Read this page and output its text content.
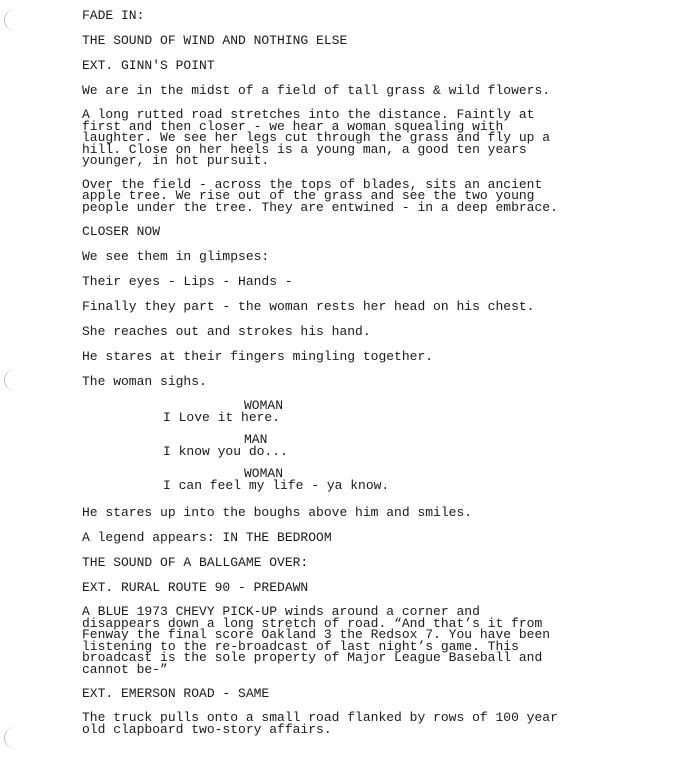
FADE IN:

THE SOUND OF WIND AND NOTHING ELSE

EXT. GINN'S POINT

We are in the midst of a field of tall grass & wild flowers.

A long rutted road stretches into the distance. Faintly at
first and then closer - we hear a woman squealing with
laughter. We see her legs cut through the grass and fly up a
hill. Close on her heels is a young man, a good ten years
younger, in hot pursuit.

Over the field - across the tops of blades, sits an ancient
apple tree. We rise out of the grass and see the two young
people under the tree. They are entwined - in a deep embrace.

CLOSER NOW

We see them in glimpses:

Their eyes - Lips - Hands -

Finally they part - the woman rests her head on his chest.

She reaches out and strokes his hand.

He stares at their fingers mingling together.

The woman sighs.

WOMAN
I Love it here.
MAN
I know you do...
WOMAN
I can feel my life - ya know.

He stares up into the boughs above him and smiles.

A legend appears: IN THE BEDROOM

THE SOUND OF A BALLGAME OVER:

EXT. RURAL ROUTE 90 - PREDAWN

A BLUE 1973 CHEVY PICK-UP winds around a corner and
disappears down a long stretch of road. “And that’s it from
Fenway the final score Oakland 3 the Redsox 7. You have been
listening to the re-broadcast of last night’s game. This
broadcast is the sole property of Major League Baseball and
cannot be-”

EXT. EMERSON ROAD - SAME

The truck pulls onto a small road flanked by rows of 100 year
old clapboard two-story affairs.
